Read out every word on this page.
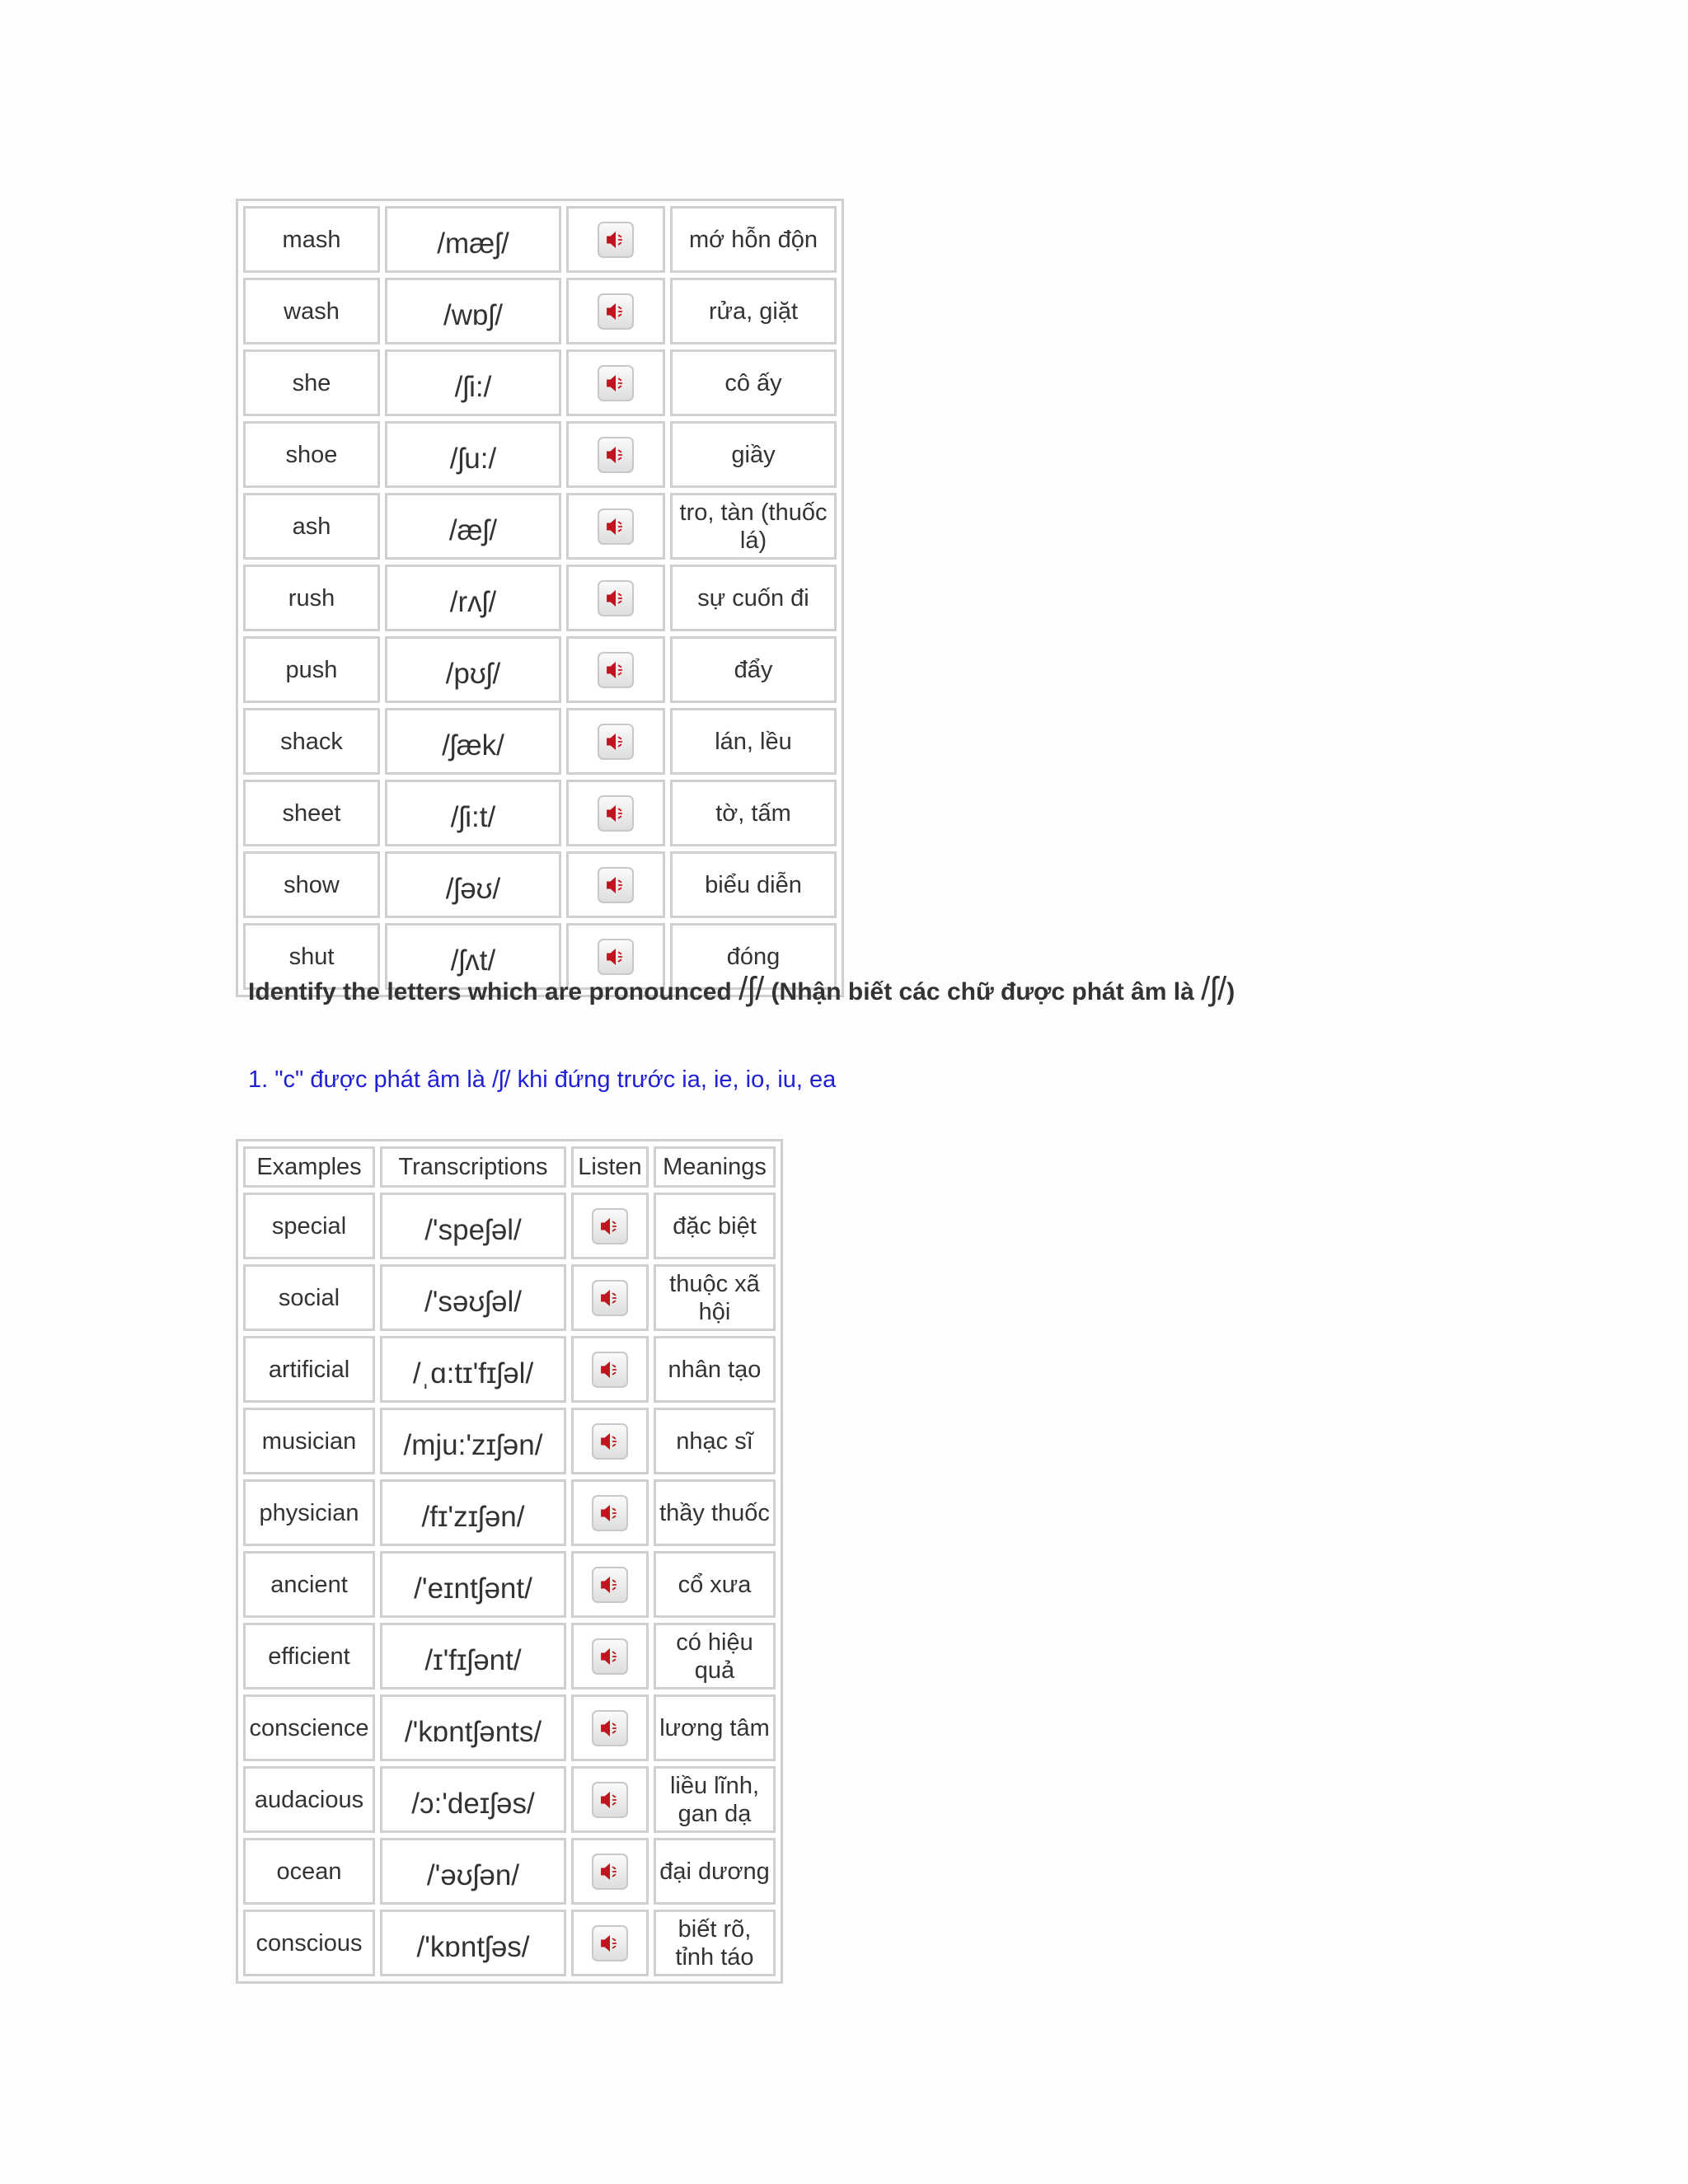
mash	/mæʃ/		mớ hỗn độn
wash	/wɒʃ/		rửa, giặt
she	/ʃi:/		cô ấy
shoe	/ʃu:/		giầy
ash	/æʃ/		tro, tàn (thuốc lá)
rush	/rʌʃ/		sự cuốn đi
push	/pʊʃ/		đẩy
shack	/ʃæk/		lán, lều
sheet	/ʃi:t/		tờ, tấm
show	/ʃəʊ/		biểu diễn
shut	/ʃʌt/		đóng
Identify the letters which are pronounced /ʃ/ (Nhận biết các chữ được phát âm là /ʃ/)
1. "c" được phát âm là /ʃ/ khi đứng trước ia, ie, io, iu, ea
Examples	Transcriptions	Listen	Meanings
special	/'speʃəl/		đặc biệt
social	/'səʊʃəl/		thuộc xã hội
artificial	/ˌɑ:tɪ'fɪʃəl/		nhân tạo
musician	/mju:'zɪʃən/		nhạc sĩ
physician	/fɪ'zɪʃən/		thầy thuốc
ancient	/'eɪntʃənt/		cổ xưa
efficient	/ɪ'fɪʃənt/		có hiệu quả
conscience	/'kɒntʃənts/		lương tâm
audacious	/ɔ:'deɪʃəs/		liều lĩnh, gan dạ
ocean	/'əʊʃən/		đại dương
conscious	/'kɒntʃəs/		biết rõ, tỉnh táo
